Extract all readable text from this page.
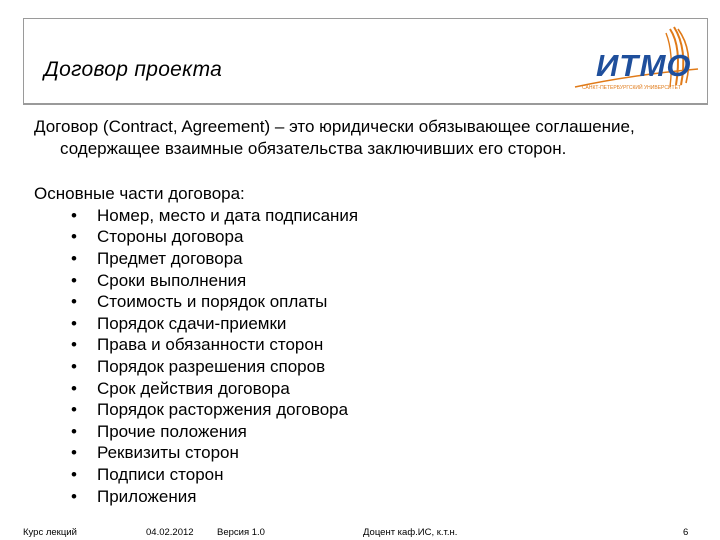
Договор проекта	ИТМО
САНКТ-ПЕТЕРБУРГСКИЙ УНИВЕРСИТЕТ

Договор (Contract, Agreement) – это юридически обязывающее соглашение,

содержащее взаимные обязательства заключивших его сторон.

Основные части договора:

• Номер, место и дата подписания
• Стороны договора
• Предмет договора
• Сроки выполнения
• Стоимость и порядок оплаты
• Порядок сдачи-приемки
• Права и обязанности сторон
• Порядок разрешения споров
• Срок действия договора
• Порядок расторжения договора
• Прочие положения
• Реквизиты сторон
• Подписи сторон
• Приложения
Курс лекций	04.02.2012 Версия 1.0	Доцент каф.ИС, к.т.н.	6
